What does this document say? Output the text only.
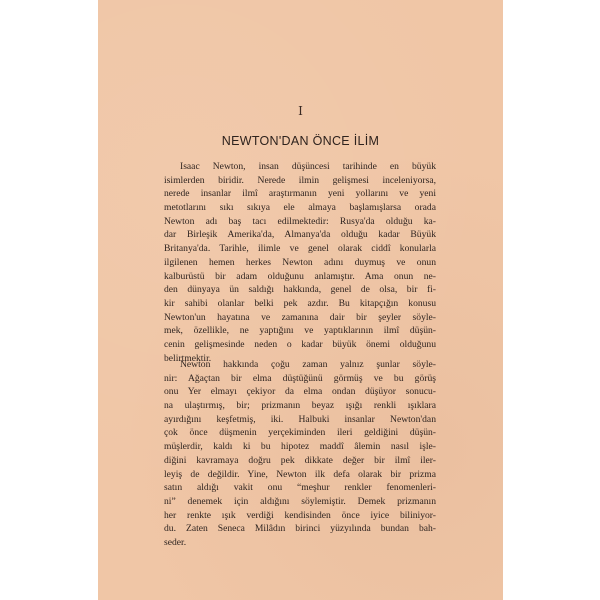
I
NEWTON'DAN ÖNCE İLİM
Isaac Newton, insan düşüncesi tarihinde en büyük
isimlerden biridir. Nerede ilmin gelişmesi inceleniyorsa,
nerede insanlar ilmî araştırmanın yeni yollarını ve yeni
metotlarını sıkı sıkıya ele almaya başlamışlarsa orada
Newton adı baş tacı edilmektedir: Rusya'da olduğu ka-
dar Birleşik Amerika'da, Almanya'da olduğu kadar Büyük
Britanya'da. Tarihle, ilimle ve genel olarak ciddî konularla
ilgilenen hemen herkes Newton adını duymuş ve onun
kalburüstü bir adam olduğunu anlamıştır. Ama onun ne-
den dünyaya ün saldığı hakkında, genel de olsa, bir fi-
kir sahibi olanlar belki pek azdır. Bu kitapçığın konusu
Newton'un hayatına ve zamanına dair bir şeyler söyle-
mek, özellikle, ne yaptığını ve yaptıklarının ilmî düşün-
cenin gelişmesinde neden o kadar büyük önemi olduğunu
belirtmektir.
Newton hakkında çoğu zaman yalnız şunlar söyle-
nir: Ağaçtan bir elma düştüğünü görmüş ve bu görüş
onu Yer elmayı çekiyor da elma ondan düşüyor sonucu-
na ulaştırmış, bir; prizmanın beyaz ışığı renkli ışıklara
ayırdığını keşfetmiş, iki. Halbuki insanlar Newton'dan
çok önce düşmenin yerçekiminden ileri geldiğini düşün-
müşlerdir, kaldı ki bu hipotez maddî âlemin nasıl işle-
diğini kavramaya doğru pek dikkate değer bir ilmî iler-
leyiş de değildir. Yine, Newton ilk defa olarak bir prizma
satın aldığı vakit onu “meşhur renkler fenomenleri-
ni” denemek için aldığını söylemiştir. Demek prizmanın
her renkte ışık verdiği kendisinden önce iyice biliniyor-
du. Zaten Seneca Milâdın birinci yüzyılında bundan bah-
seder.
